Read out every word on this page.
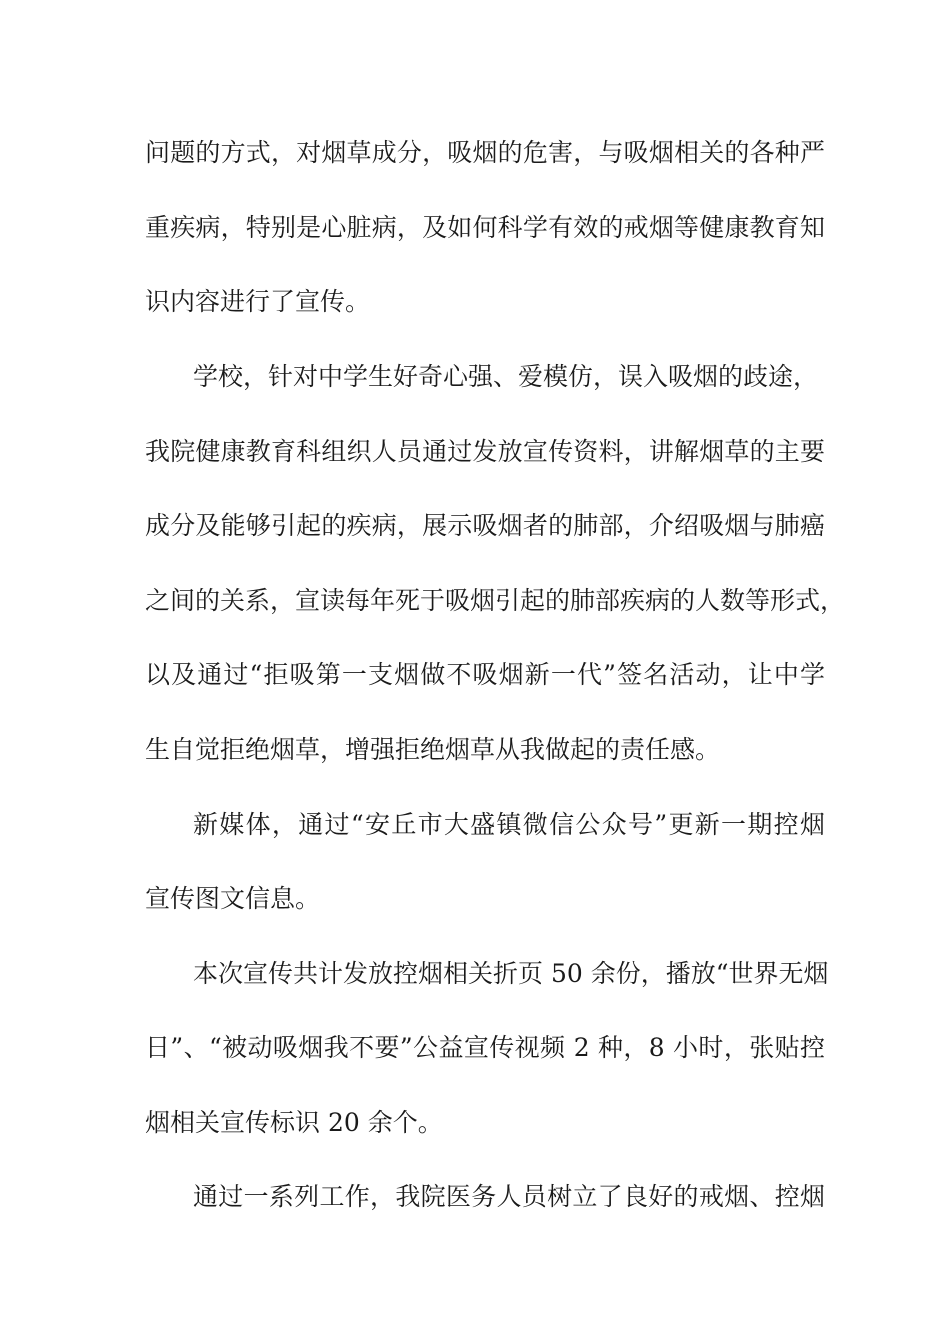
问题的方式，对烟草成分，吸烟的危害，与吸烟相关的各种严
重疾病，特别是心脏病，及如何科学有效的戒烟等健康教育知
识内容进行了宣传。
学校，针对中学生好奇心强、爱模仿，误入吸烟的歧途，
我院健康教育科组织人员通过发放宣传资料，讲解烟草的主要
成分及能够引起的疾病，展示吸烟者的肺部，介绍吸烟与肺癌
之间的关系，宣读每年死于吸烟引起的肺部疾病的人数等形式，
以及通过“拒吸第一支烟做不吸烟新一代”签名活动，让中学
生自觉拒绝烟草，增强拒绝烟草从我做起的责任感。
新媒体，通过“安丘市大盛镇微信公众号”更新一期控烟
宣传图文信息。
本次宣传共计发放控烟相关折页 50 余份，播放“世界无烟
日”、“被动吸烟我不要”公益宣传视频 2 种，8 小时，张贴控
烟相关宣传标识 20 余个。
通过一系列工作，我院医务人员树立了良好的戒烟、控烟
